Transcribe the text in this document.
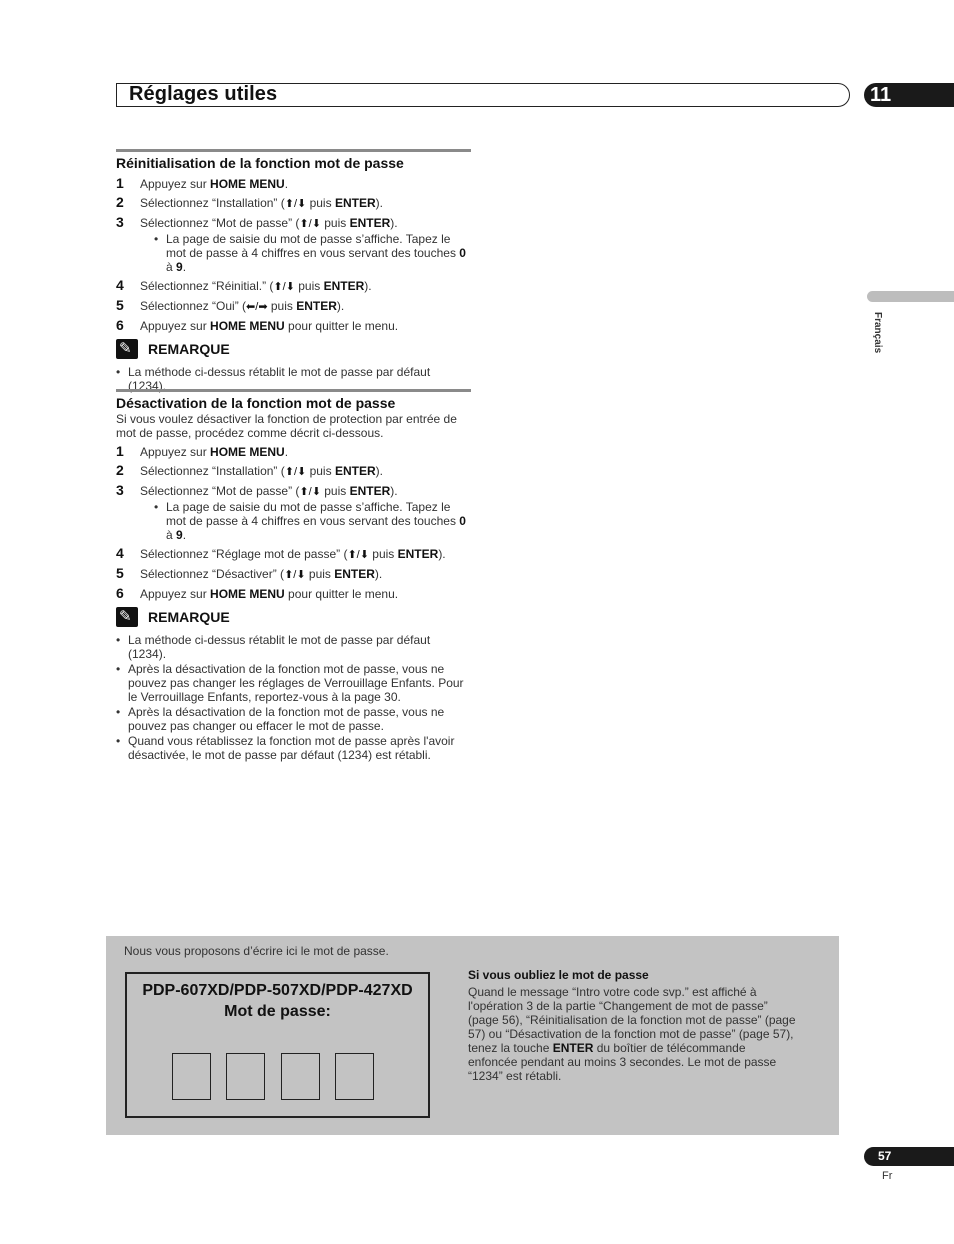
Réglages utiles	11
Français
Réinitialisation de la fonction mot de passe
1	Appuyez sur HOME MENU.
2	Sélectionnez “Installation” (⬆/⬇ puis ENTER).
3	Sélectionnez “Mot de passe” (⬆/⬇ puis ENTER).
• La page de saisie du mot de passe s’affiche. Tapez le mot de passe à 4 chiffres en vous servant des touches 0 à 9.
4	Sélectionnez “Réinitial.” (⬆/⬇ puis ENTER).
5	Sélectionnez “Oui” (⬅/➡ puis ENTER).
6	Appuyez sur HOME MENU pour quitter le menu.
✎ REMARQUE
• La méthode ci-dessus rétablit le mot de passe par défaut (1234).
Désactivation de la fonction mot de passe
Si vous voulez désactiver la fonction de protection par entrée de mot de passe, procédez comme décrit ci-dessous.
1	Appuyez sur HOME MENU.
2	Sélectionnez “Installation” (⬆/⬇ puis ENTER).
3	Sélectionnez “Mot de passe” (⬆/⬇ puis ENTER).
• La page de saisie du mot de passe s’affiche. Tapez le mot de passe à 4 chiffres en vous servant des touches 0 à 9.
4	Sélectionnez “Réglage mot de passe” (⬆/⬇ puis ENTER).
5	Sélectionnez “Désactiver” (⬆/⬇ puis ENTER).
6	Appuyez sur HOME MENU pour quitter le menu.
✎ REMARQUE
• La méthode ci-dessus rétablit le mot de passe par défaut (1234).
• Après la désactivation de la fonction mot de passe, vous ne pouvez pas changer les réglages de Verrouillage Enfants. Pour le Verrouillage Enfants, reportez-vous à la page 30.
• Après la désactivation de la fonction mot de passe, vous ne pouvez pas changer ou effacer le mot de passe.
• Quand vous rétablissez la fonction mot de passe après l'avoir désactivée, le mot de passe par défaut (1234) est rétabli.
Nous vous proposons d’écrire ici le mot de passe.
PDP-607XD/PDP-507XD/PDP-427XD
Mot de passe:
Si vous oubliez le mot de passe
Quand le message “Intro votre code svp.” est affiché à l'opération 3 de la partie “Changement de mot de passe” (page 56), “Réinitialisation de la fonction mot de passe” (page 57) ou “Désactivation de la fonction mot de passe” (page 57), tenez la touche ENTER du boîtier de télécommande enfoncée pendant au moins 3 secondes. Le mot de passe “1234” est rétabli.
57
Fr
